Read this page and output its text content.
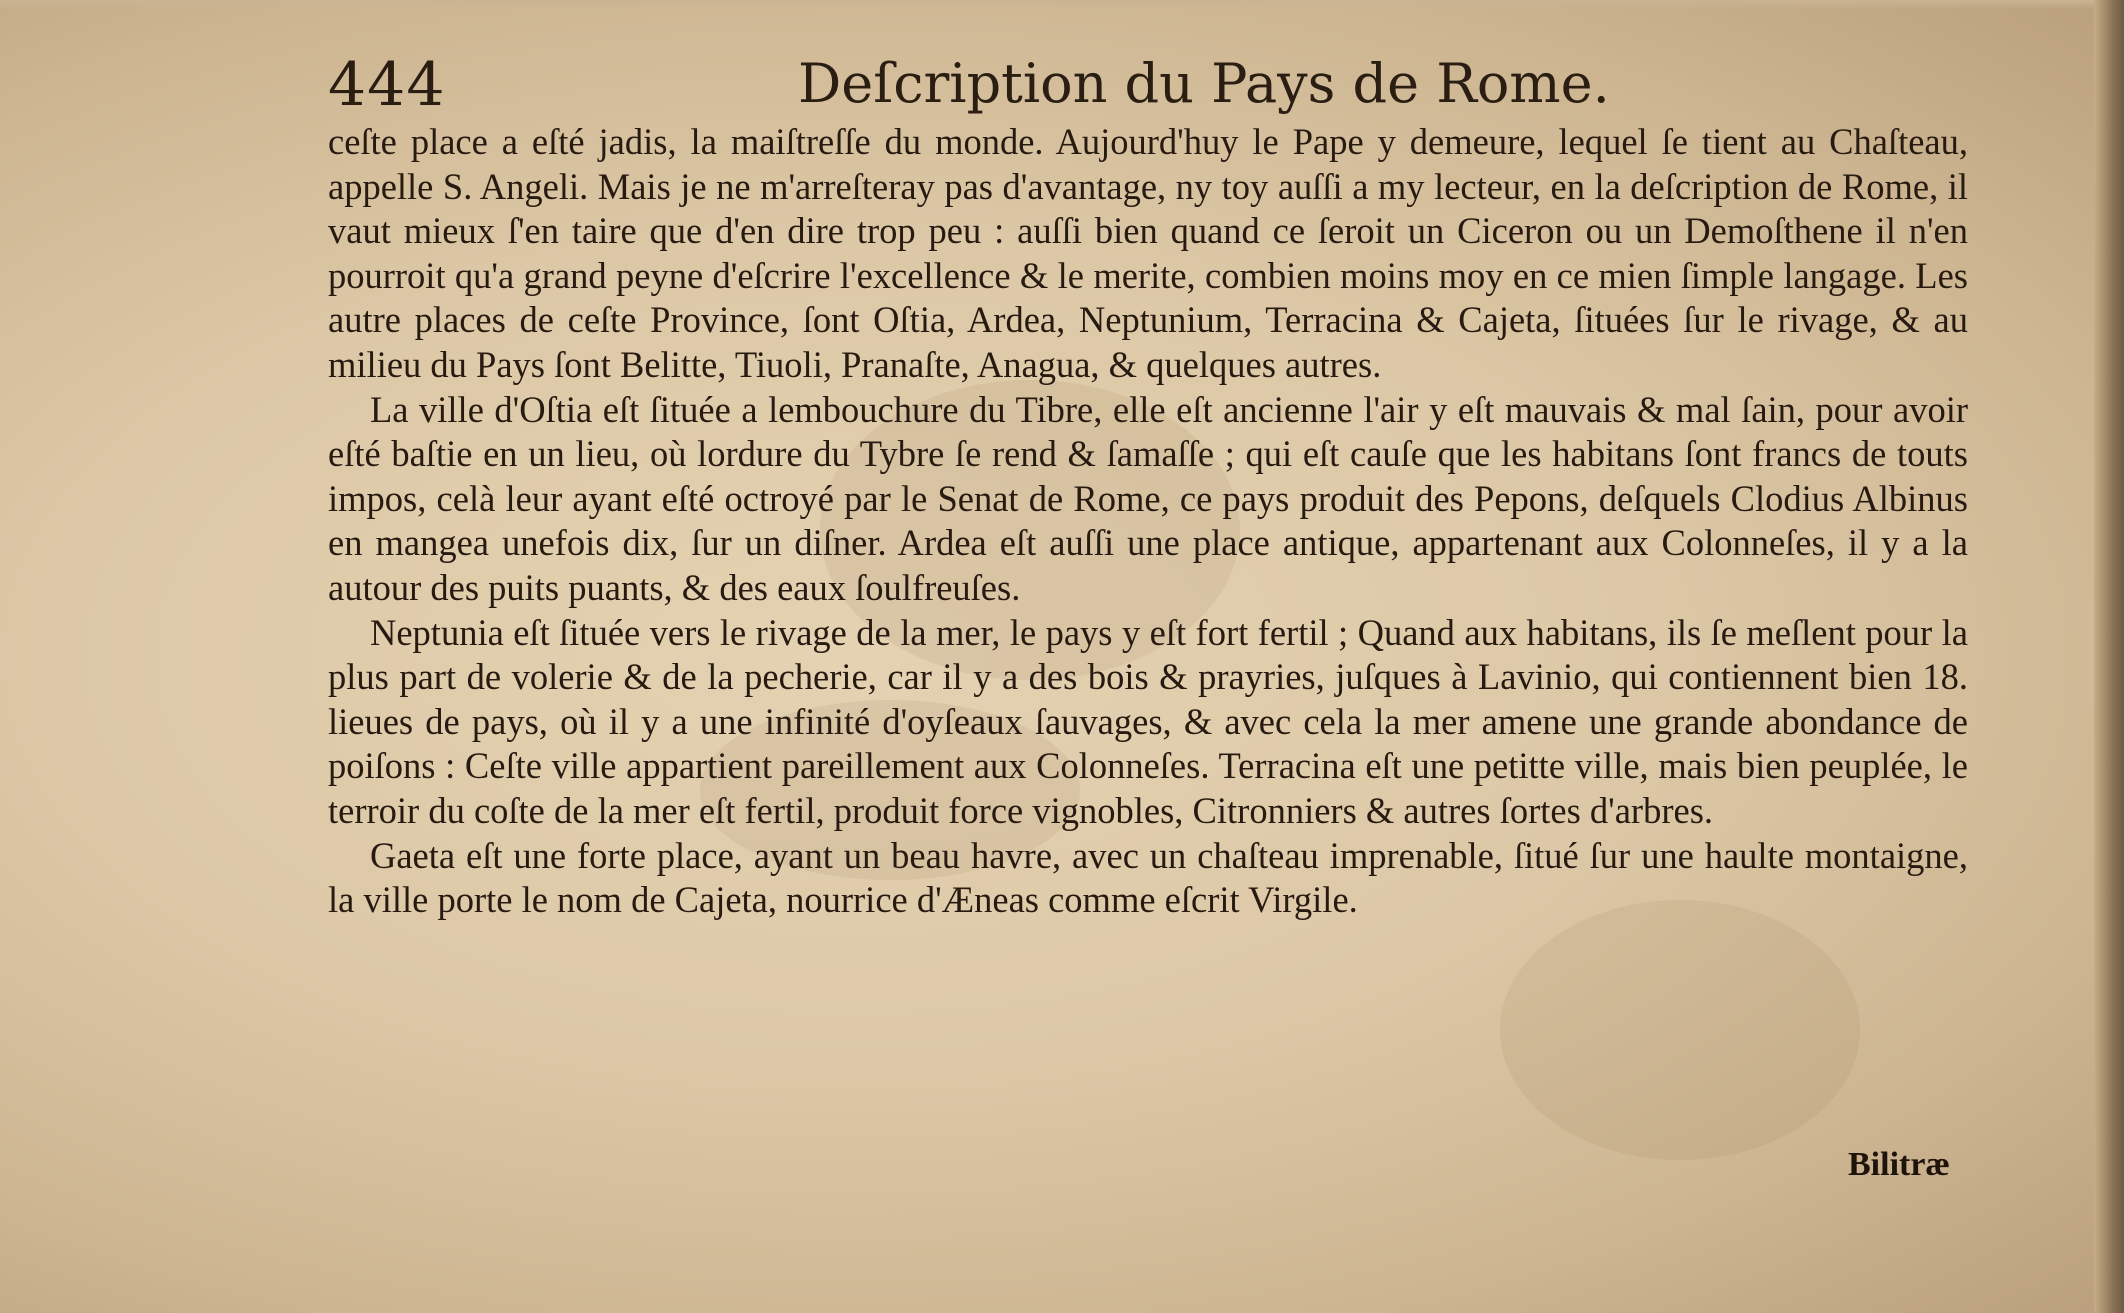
444	Deſcription du Pays de Rome.

ceſte place a eſté jadis, la maiſtreſſe du monde. Aujourd'huy le Pape y demeure, lequel ſe tient au Chaſteau, appelle S. Angeli. Mais je ne m'arreſteray pas d'avantage, ny toy auſſi a my lecteur, en la deſcription de Rome, il vaut mieux ſ'en taire que d'en dire trop peu : auſſi bien quand ce ſeroit un Ciceron ou un Demoſthene il n'en pourroit qu'a grand peyne d'eſcrire l'excellence & le merite, combien moins moy en ce mien ſimple langage. Les autre places de ceſte Province, ſont Oſtia, Ardea, Neptunium, Terracina & Cajeta, ſituées ſur le rivage, & au milieu du Pays ſont Belitte, Tiuoli, Pranaſte, Anagua, & quelques autres.

La ville d'Oſtia eſt ſituée a lembouchure du Tibre, elle eſt ancienne l'air y eſt mauvais & mal ſain, pour avoir eſté baſtie en un lieu, où lordure du Tybre ſe rend & ſamaſſe ; qui eſt cauſe que les habitans ſont francs de touts impos, celà leur ayant eſté octroyé par le Senat de Rome, ce pays produit des Pepons, deſquels Clodius Albinus en mangea unefois dix, ſur un diſner. Ardea eſt auſſi une place antique, appartenant aux Colonneſes, il y a la autour des puits puants, & des eaux ſoulfreuſes.

Neptunia eſt ſituée vers le rivage de la mer, le pays y eſt fort fertil ; Quand aux habitans, ils ſe meſlent pour la plus part de volerie & de la pecherie, car il y a des bois & prayries, juſques à Lavinio, qui contiennent bien 18. lieues de pays, où il y a une infinité d'oyſeaux ſauvages, & avec cela la mer amene une grande abondance de poiſons : Ceſte ville appartient pareillement aux Colonneſes. Terracina eſt une petitte ville, mais bien peuplée, le terroir du coſte de la mer eſt fertil, produit force vignobles, Citronniers & autres ſortes d'arbres.

Gaeta eſt une forte place, ayant un beau havre, avec un chaſteau imprenable, ſitué ſur une haulte montaigne, la ville porte le nom de Cajeta, nourrice d'Æneas comme eſcrit Virgile.

Bilitræ
